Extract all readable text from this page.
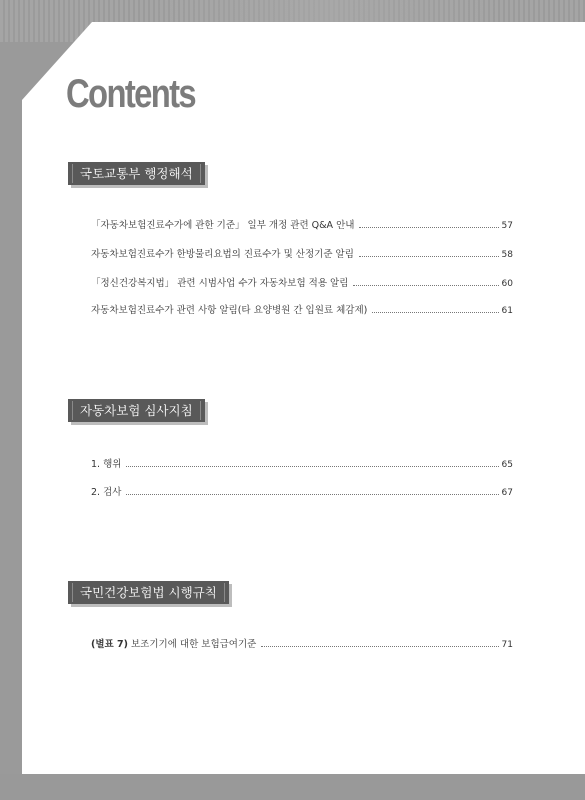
Contents
국토교통부 행정해석
「자동차보험진료수가에 관한 기준」 일부 개정 관련 Q&A 안내	57
자동차보험진료수가 한방물리요법의 진료수가 및 산정기준 알림	58
「정신건강복지법」 관련 시범사업 수가 자동차보험 적용 알림	60
자동차보험진료수가 관련 사항 알림(타 요양병원 간 입원료 체감제)	61
자동차보험 심사지침
1. 행위	65
2. 검사	67
국민건강보험법 시행규칙
(별표 7) 보조기기에 대한 보험급여기준	71
